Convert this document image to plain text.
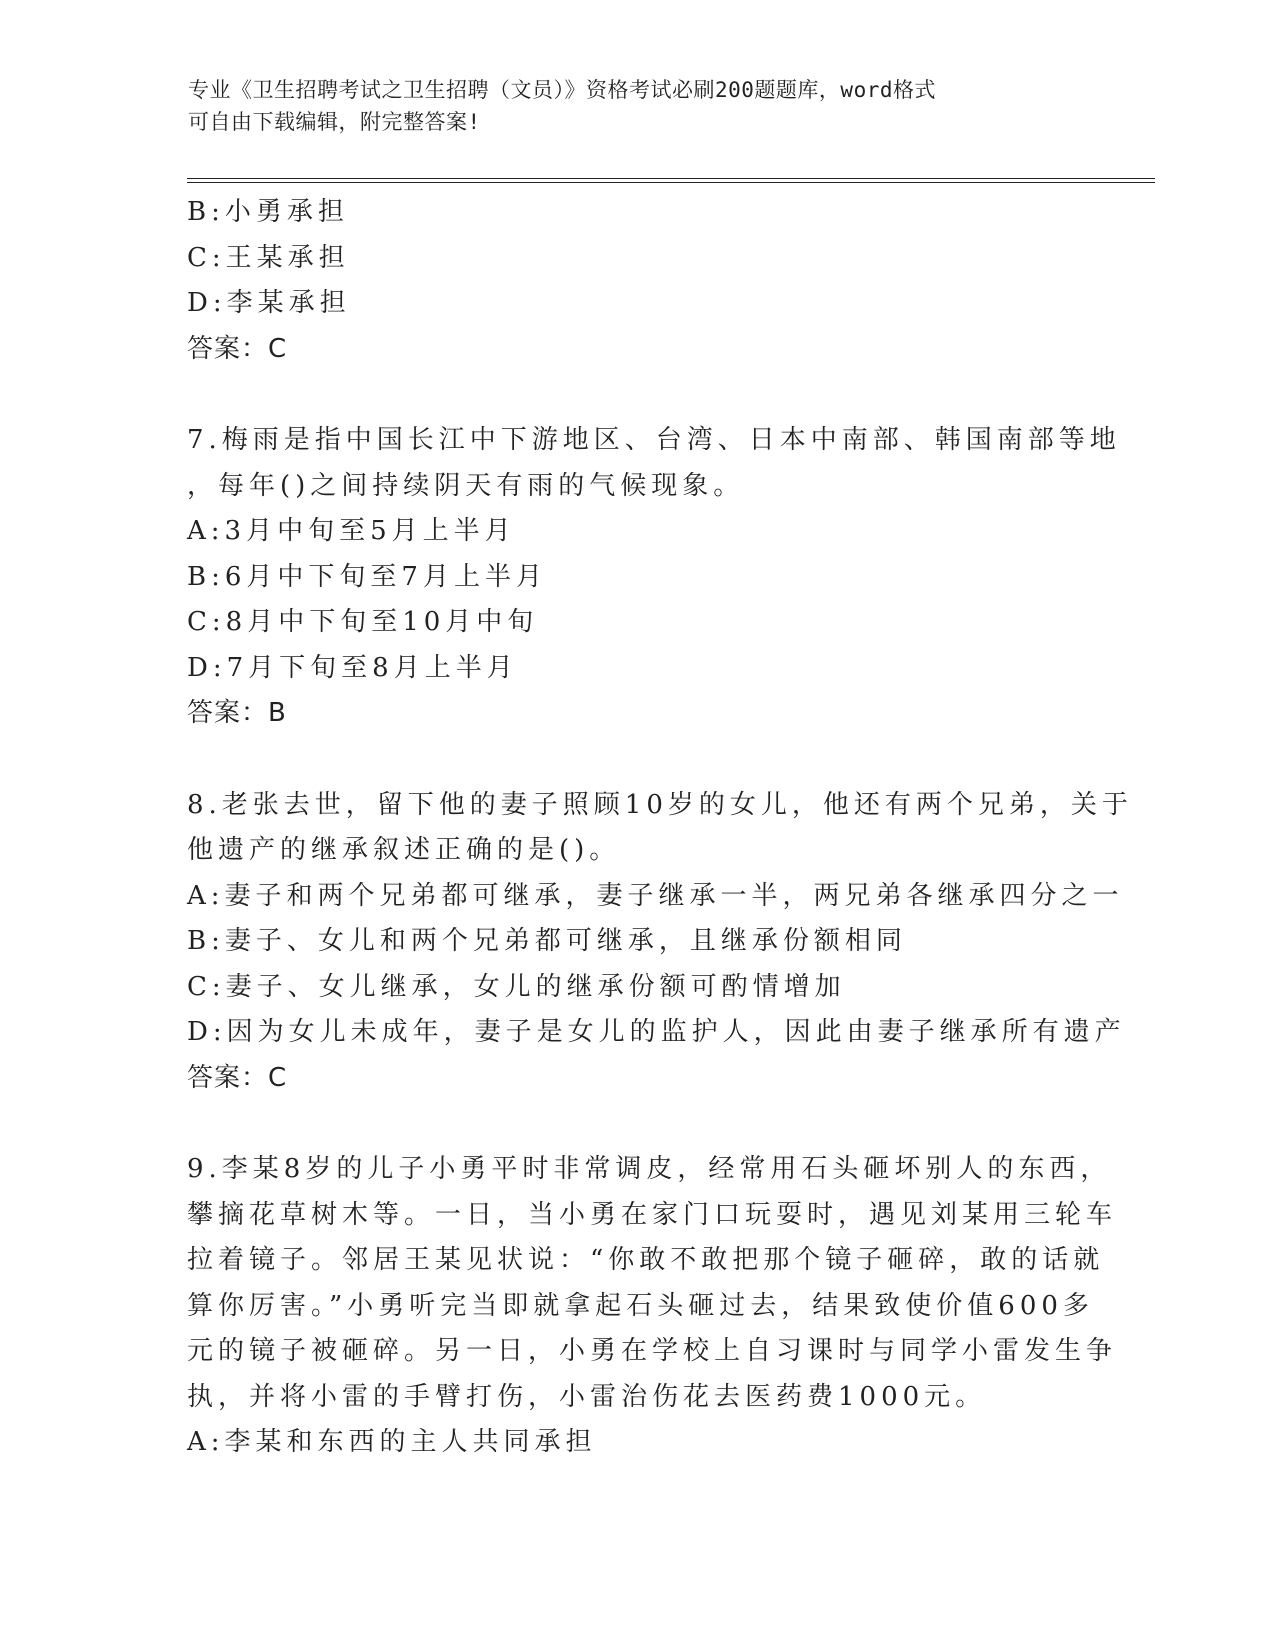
专业《卫生招聘考试之卫生招聘（文员）》资格考试必刷200题题库，word格式
可自由下载编辑，附完整答案!
B:小勇承担
C:王某承担
D:李某承担
答案：C
7.梅雨是指中国长江中下游地区、台湾、日本中南部、韩国南部等地
，每年()之间持续阴天有雨的气候现象。
A:3月中旬至5月上半月
B:6月中下旬至7月上半月
C:8月中下旬至10月中旬
D:7月下旬至8月上半月
答案：B
8.老张去世，留下他的妻子照顾10岁的女儿，他还有两个兄弟，关于
他遗产的继承叙述正确的是()。
A:妻子和两个兄弟都可继承，妻子继承一半，两兄弟各继承四分之一
B:妻子、女儿和两个兄弟都可继承，且继承份额相同
C:妻子、女儿继承，女儿的继承份额可酌情增加
D:因为女儿未成年，妻子是女儿的监护人，因此由妻子继承所有遗产
答案：C
9.李某8岁的儿子小勇平时非常调皮，经常用石头砸坏别人的东西，
攀摘花草树木等。一日，当小勇在家门口玩耍时，遇见刘某用三轮车
拉着镜子。邻居王某见状说：“你敢不敢把那个镜子砸碎，敢的话就
算你厉害。”小勇听完当即就拿起石头砸过去，结果致使价值600多
元的镜子被砸碎。另一日，小勇在学校上自习课时与同学小雷发生争
执，并将小雷的手臂打伤，小雷治伤花去医药费1000元。
A:李某和东西的主人共同承担
